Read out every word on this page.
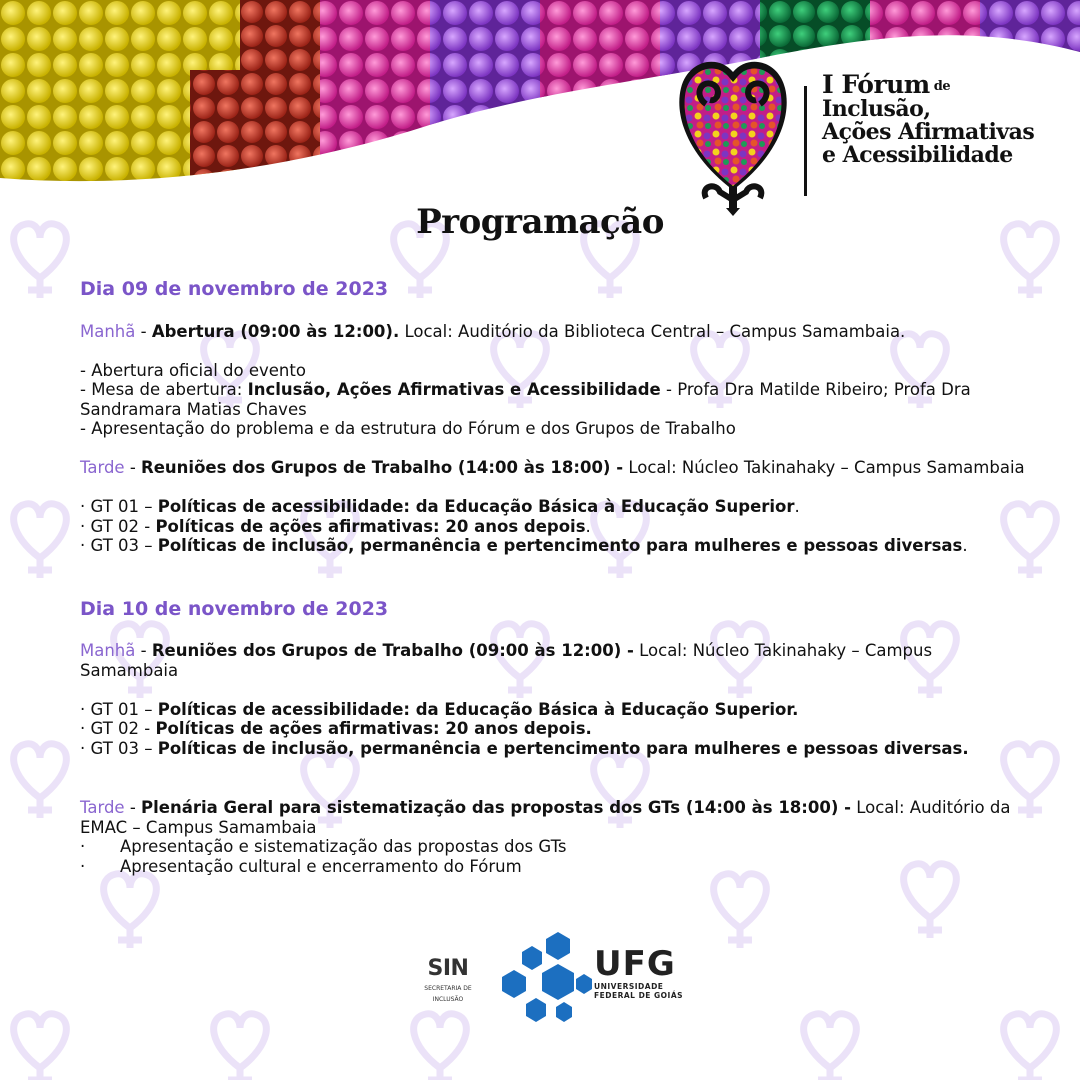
I Fórum de
Inclusão,
Ações Afirmativas
e Acessibilidade
Programação
Dia 09 de novembro de 2023
Manhã - Abertura (09:00 às 12:00). Local: Auditório da Biblioteca Central – Campus Samambaia.
- Abertura oficial do evento
- Mesa de abertura: Inclusão, Ações Afirmativas e Acessibilidade - Profa Dra Matilde Ribeiro; Profa Dra Sandramara Matias Chaves
- Apresentação do problema e da estrutura do Fórum e dos Grupos de Trabalho
Tarde - Reuniões dos Grupos de Trabalho (14:00 às 18:00) - Local: Núcleo Takinahaky – Campus Samambaia
· GT 01 – Políticas de acessibilidade: da Educação Básica à Educação Superior.
· GT 02 - Políticas de ações afirmativas: 20 anos depois.
· GT 03 – Políticas de inclusão, permanência e pertencimento para mulheres e pessoas diversas.
Dia 10 de novembro de 2023
Manhã - Reuniões dos Grupos de Trabalho (09:00 às 12:00) - Local: Núcleo Takinahaky – Campus Samambaia
· GT 01 – Políticas de acessibilidade: da Educação Básica à Educação Superior.
· GT 02 - Políticas de ações afirmativas: 20 anos depois.
· GT 03 – Políticas de inclusão, permanência e pertencimento para mulheres e pessoas diversas.
Tarde - Plenária Geral para sistematização das propostas dos GTs (14:00 às 18:00) - Local: Auditório da EMAC – Campus Samambaia
· Apresentação e sistematização das propostas dos GTs
· Apresentação cultural e encerramento do Fórum
SIN
SECRETARIA DE
INCLUSÃO
UFG
UNIVERSIDADE
FEDERAL DE GOIÁS
